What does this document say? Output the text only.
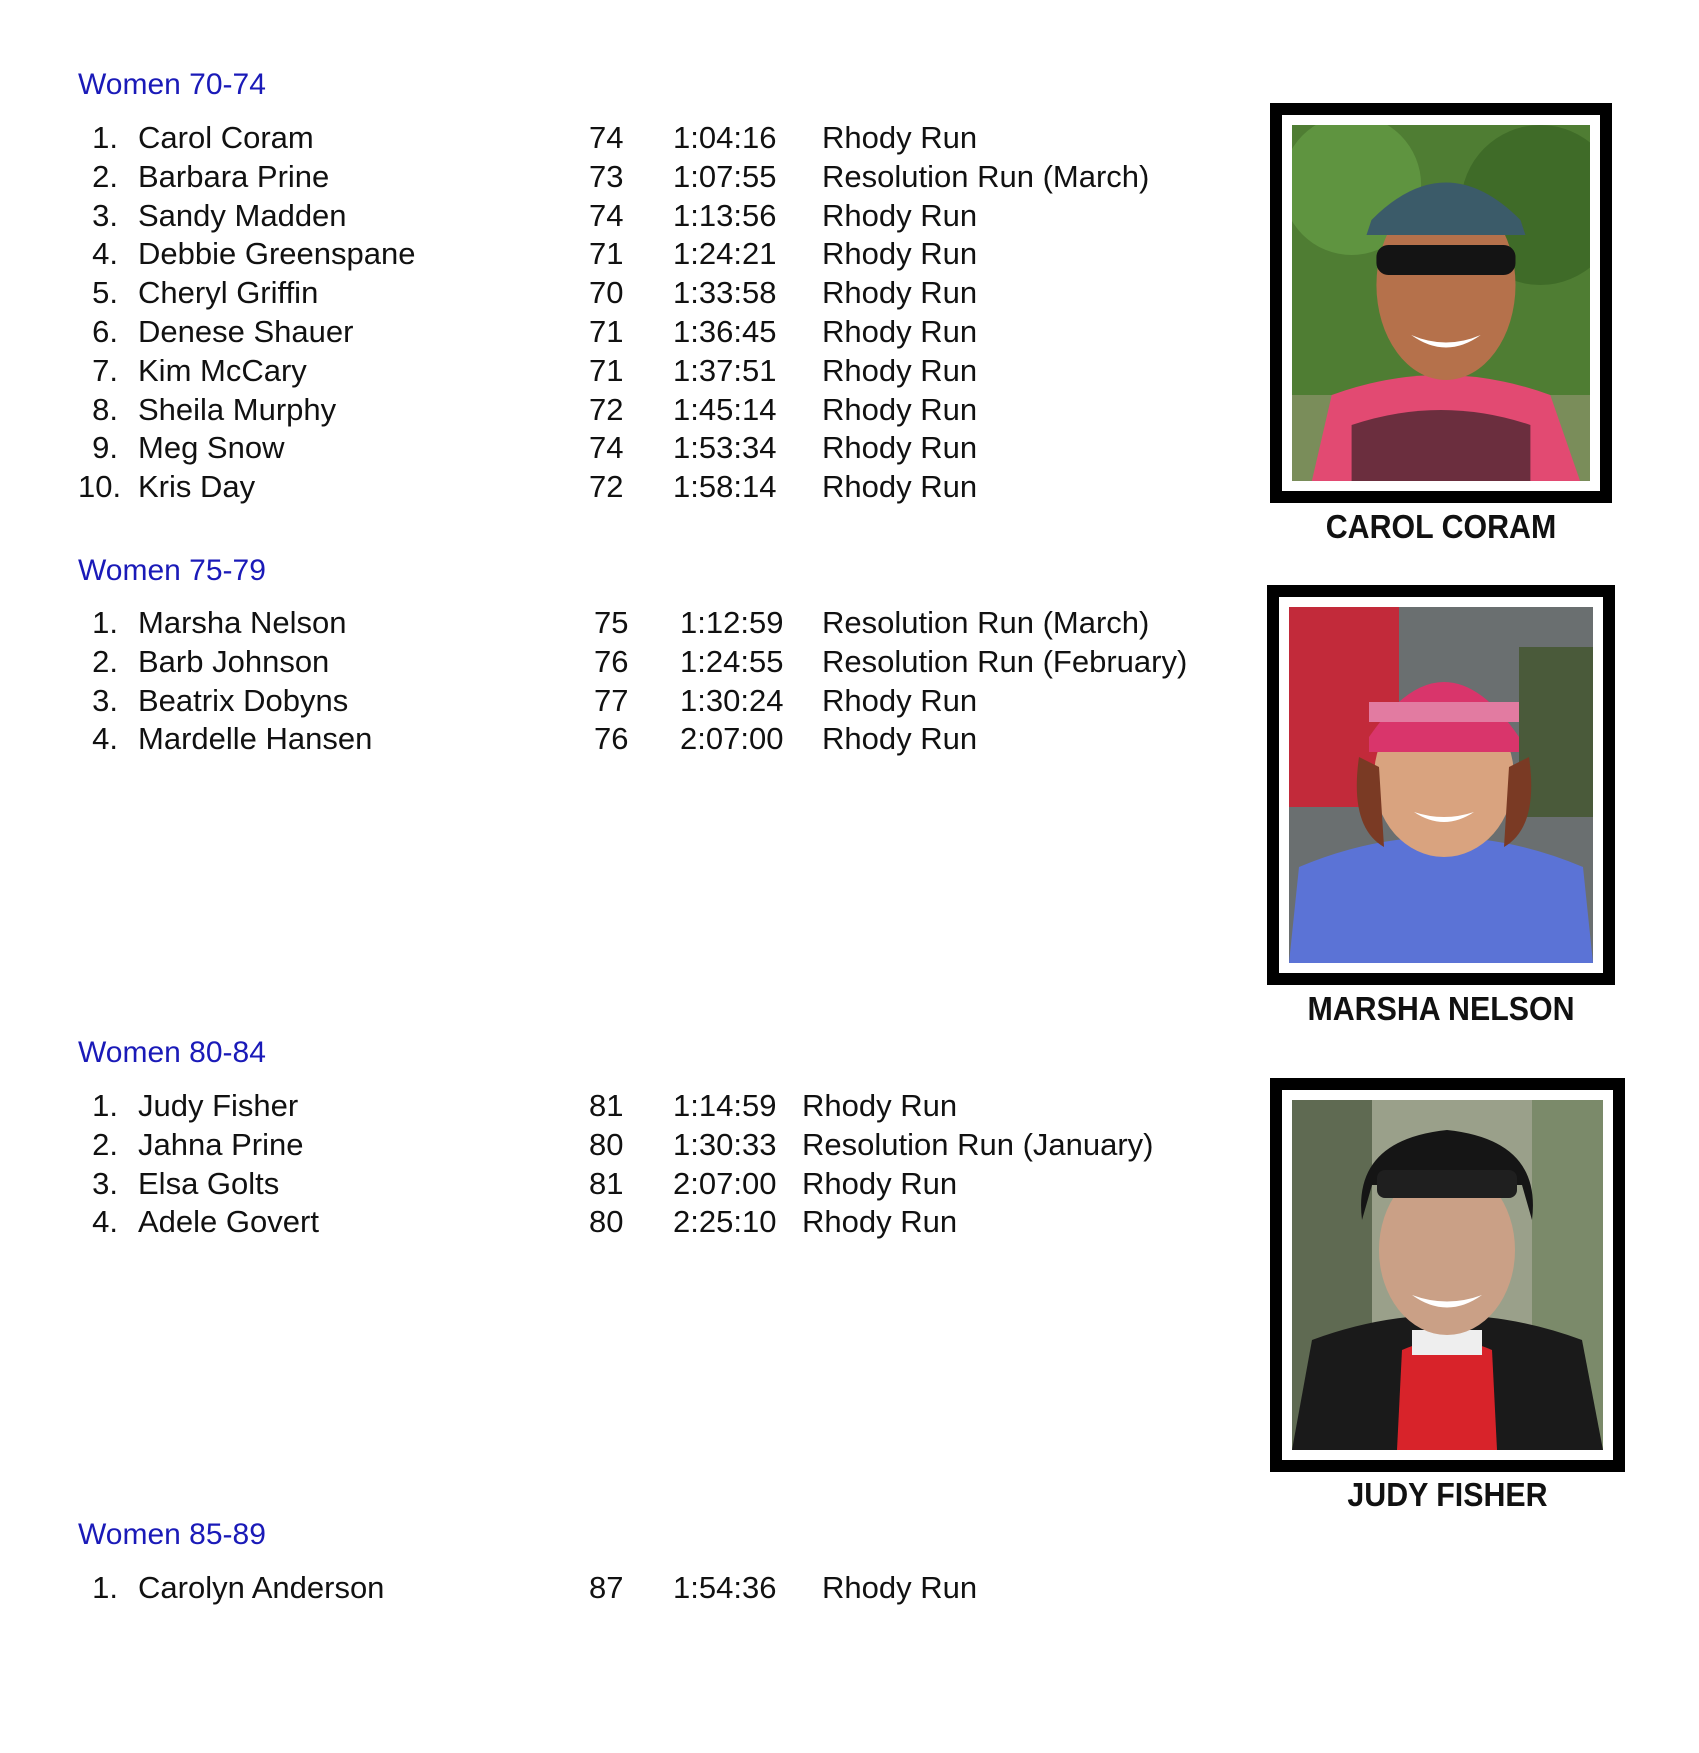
Women 70-74
1. Carol Coram	74 1:04:16 Rhody Run
2. Barbara Prine	73 1:07:55 Resolution Run (March)
3. Sandy Madden	74 1:13:56 Rhody Run
4. Debbie Greenspane	71 1:24:21 Rhody Run
5. Cheryl Griffin	70 1:33:58 Rhody Run
6. Denese Shauer	71 1:36:45 Rhody Run
7. Kim McCary	71 1:37:51 Rhody Run
8. Sheila Murphy	72 1:45:14 Rhody Run
9. Meg Snow	74 1:53:34 Rhody Run
10. Kris Day	72 1:58:14 Rhody Run
Women 75-79
1. Marsha Nelson	75 1:12:59 Resolution Run (March)
2. Barb Johnson	76 1:24:55 Resolution Run (February)
3. Beatrix Dobyns	77 1:30:24 Rhody Run
4. Mardelle Hansen	76 2:07:00 Rhody Run
Women 80-84
1. Judy Fisher	81 1:14:59 Rhody Run
2. Jahna Prine	80 1:30:33 Resolution Run (January)
3. Elsa Golts	81 2:07:00 Rhody Run
4. Adele Govert	80 2:25:10 Rhody Run
Women 85-89
1. Carolyn Anderson	87 1:54:36 Rhody Run
CAROL CORAM
MARSHA NELSON
JUDY FISHER
